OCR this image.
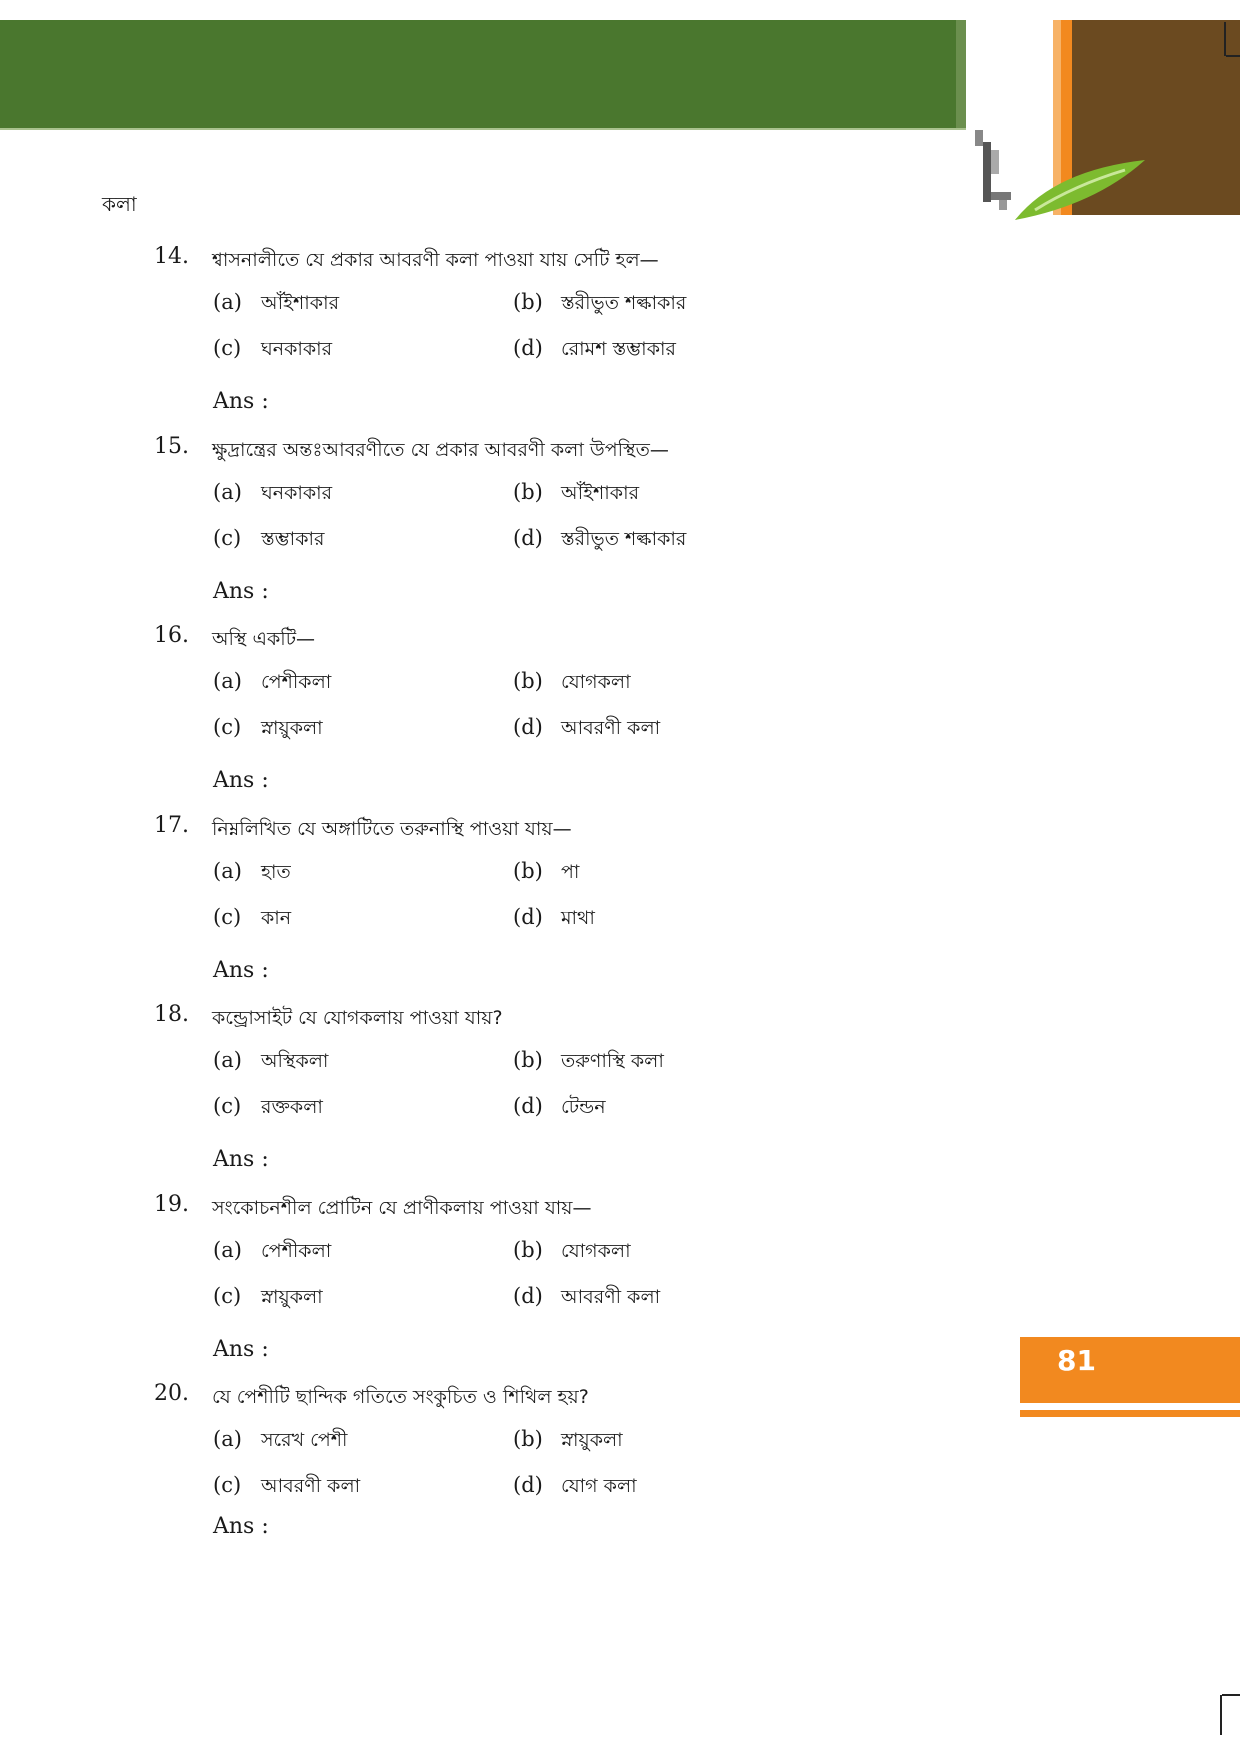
কলা
14. শ্বাসনালীতে যে প্রকার আবরণী কলা পাওয়া যায় সেটি হল—
(a) আঁইশাকার	(b) স্তরীভুত শল্কাকার
(c) ঘনকাকার	(d) রোমশ স্তম্ভাকার
Ans :
15. ক্ষুদ্রান্ত্রের অন্তঃআবরণীতে যে প্রকার আবরণী কলা উপস্থিত—
(a) ঘনকাকার	(b) আঁইশাকার
(c) স্তম্ভাকার	(d) স্তরীভুত শল্কাকার
Ans :
16. অস্থি একটি—
(a) পেশীকলা	(b) যোগকলা
(c) স্নায়ুকলা	(d) আবরণী কলা
Ans :
17. নিম্নলিখিত যে অঙ্গাটিতে তরুনাস্থি পাওয়া যায়—
(a) হাত	(b) পা
(c) কান	(d) মাথা
Ans :
18. কন্ড্রোসাইট যে যোগকলায় পাওয়া যায়?
(a) অস্থিকলা	(b) তরুণাস্থি কলা
(c) রক্তকলা	(d) টেন্ডন
Ans :
19. সংকোচনশীল প্রোটিন যে প্রাণীকলায় পাওয়া যায়—
(a) পেশীকলা	(b) যোগকলা
(c) স্নায়ুকলা	(d) আবরণী কলা
Ans :
20. যে পেশীটি ছান্দিক গতিতে সংকুচিত ও শিথিল হয়?
(a) সরেখ পেশী	(b) স্নায়ুকলা
(c) আবরণী কলা	(d) যোগ কলা
Ans :
81
